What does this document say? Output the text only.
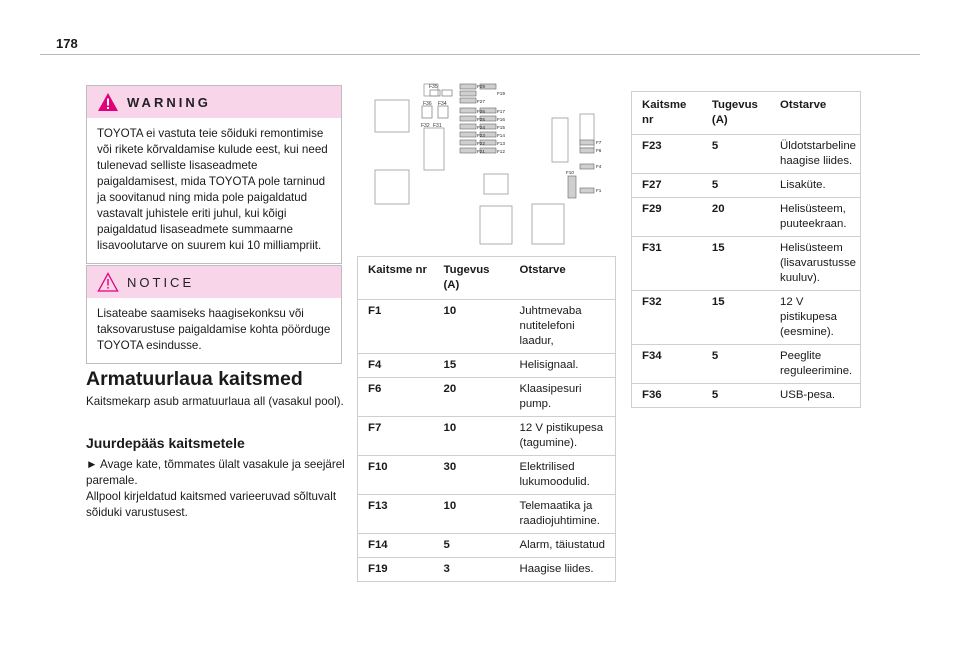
178
WARNING
TOYOTA ei vastuta teie sõiduki remontimise või rikete kõrvaldamise kulude eest, kui need tulenevad selliste lisaseadmete paigaldamisest, mida TOYOTA pole tarninud ja soovitanud ning mida pole paigaldatud vastavalt juhistele eriti juhul, kui kõigi paigaldatud lisaseadmete summaarne lisavoolutarve on suurem kui 10 milliampriit.
NOTICE
Lisateabe saamiseks haagisekonksu või taksovarustuse paigaldamise kohta pöörduge TOYOTA esindusse.
Armatuurlaua kaitsmed
Kaitsmekarp asub armatuurlaua all (vasakul pool).
Juurdepääs kaitsmetele
► Avage kate, tõmmates ülalt vasakule ja seejärel paremale.
Allpool kirjeldatud kaitsmed varieeruvad sõltuvalt sõiduki varustusest.
F35
F36 F34
F32 F31
F29
F27
F26
F25
F24
F23
F22
F21
F19
F17
F16
F15
F14
F13
F12
F7
F6
F4
F1
F10
Kaitsme nr	Tugevus (A)	Otstarve
F1	10	Juhtmevaba nutitelefoni laadur,
F4	15	Helisignaal.
F6	20	Klaasipesuri pump.
F7	10	12 V pistikupesa (tagumine).
F10	30	Elektrilised lukumoodulid.
F13	10	Telemaatika ja raadiojuhtimine.
F14	5	Alarm, täiustatud
F19	3	Haagise liides.
Kaitsme nr	Tugevus (A)	Otstarve
F23	5	Üldotstarbeline haagise liides.
F27	5	Lisaküte.
F29	20	Helisüsteem, puuteekraan.
F31	15	Helisüsteem (lisavarustusse kuuluv).
F32	15	12 V pistikupesa (eesmine).
F34	5	Peeglite reguleerimine.
F36	5	USB-pesa.
